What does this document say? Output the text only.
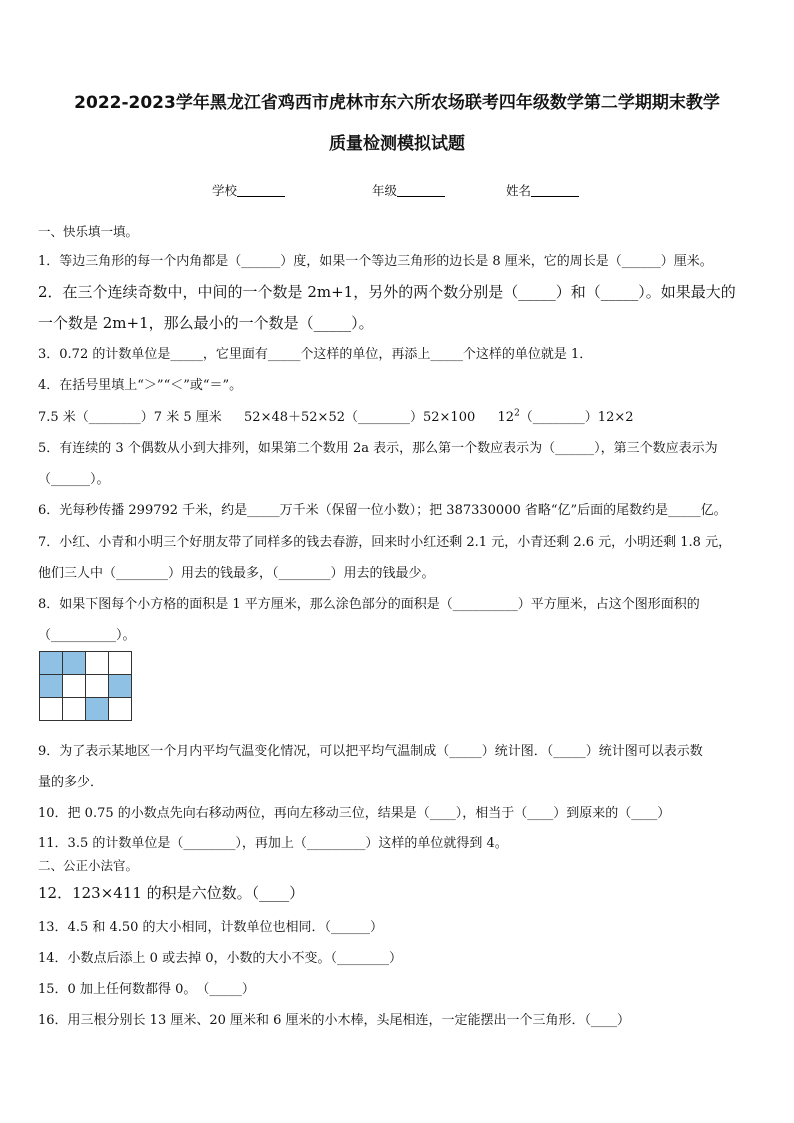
2022-2023学年黑龙江省鸡西市虎林市东六所农场联考四年级数学第二学期期末教学
质量检测模拟试题
学校	年级	姓名
一、快乐填一填。
1．等边三角形的每一个内角都是（______）度，如果一个等边三角形的边长是 8 厘米，它的周长是（______）厘米。
2．在三个连续奇数中，中间的一个数是 2m+1，另外的两个数分别是（_____）和（_____）。如果最大的
一个数是 2m+1，那么最小的一个数是（_____）。
3．0.72 的计数单位是_____，它里面有_____个这样的单位，再添上_____个这样的单位就是 1．
4．在括号里填上“＞”“＜”或“＝”。
7.5 米（________）7 米 5 厘米 52×48＋52×52（________）52×100 $12^2(\_\_\_\_\_\_\_\_)12\times 2$
5．有连续的 3 个偶数从小到大排列，如果第二个数用 2a 表示，那么第一个数应表示为（______），第三个数应表示为
（______）。
6．光每秒传播 299792 千米，约是_____万千米（保留一位小数）；把 387330000 省略“亿”后面的尾数约是_____亿。
7．小红、小青和小明三个好朋友带了同样多的钱去春游，回来时小红还剩 2.1 元，小青还剩 2.6 元，小明还剩 1.8 元，
他们三人中（________）用去的钱最多，（________）用去的钱最少。
8．如果下图每个小方格的面积是 1 平方厘米，那么涂色部分的面积是（__________）平方厘米，占这个图形面积的
（__________）。

9．为了表示某地区一个月内平均气温变化情况，可以把平均气温制成（_____）统计图．（_____）统计图可以表示数
量的多少．
10．把 0.75 的小数点先向右移动两位，再向左移动三位，结果是（____），相当于（____）到原来的（____）
11．3.5 的计数单位是（________），再加上（_________）这样的单位就得到 4。
二、公正小法官。
12．123×411 的积是六位数。（____）
13．4.5 和 4.50 的大小相同，计数单位也相同．（______）
14．小数点后添上 0 或去掉 0，小数的大小不变。（________）
15．0 加上任何数都得 0。　（_____）
16．用三根分别长 13 厘米、20 厘米和 6 厘米的小木棒，头尾相连，一定能摆出一个三角形．（____）
